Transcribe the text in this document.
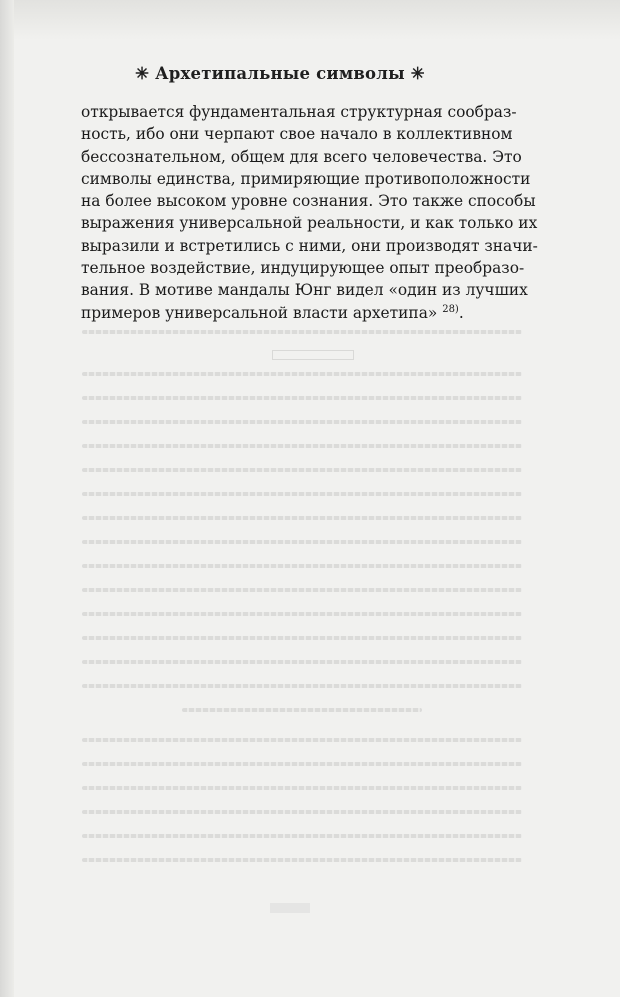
✳ Архетипальные символы ✳
открывается фундаментальная структурная сообраз-
ность, ибо они черпают свое начало в коллективном
бессознательном, общем для всего человечества. Это
символы единства, примиряющие противоположности
на более высоком уровне сознания. Это также способы
выражения универсальной реальности, и как только их
выразили и встретились с ними, они производят значи-
тельное воздействие, индуцирующее опыт преобразо-
вания. В мотиве мандалы Юнг видел «один из лучших
примеров универсальной власти архетипа» $^{28)}$.
